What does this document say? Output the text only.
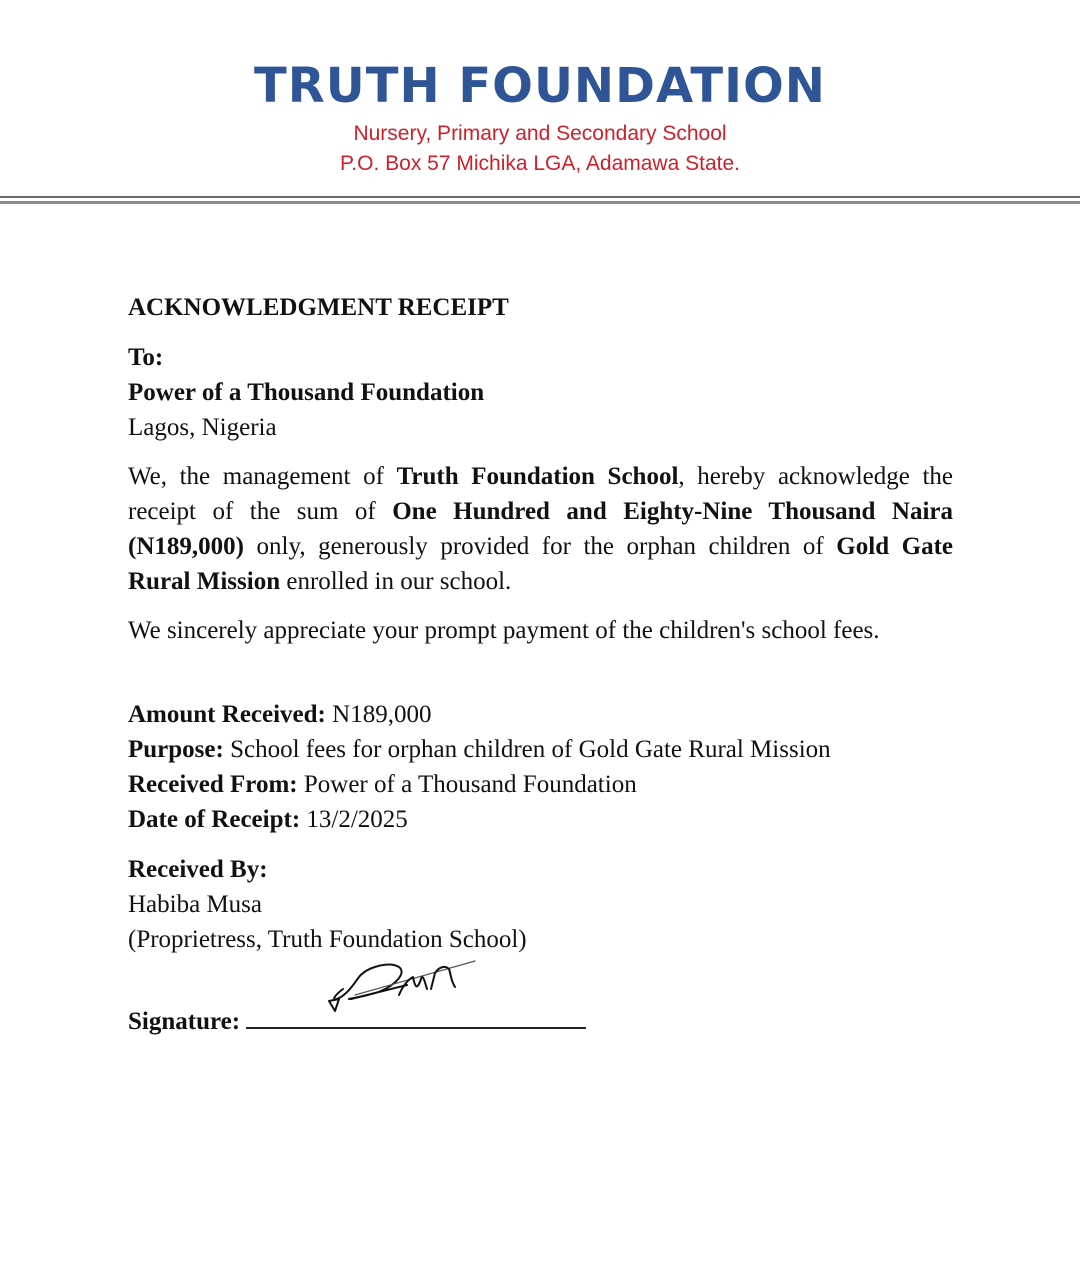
TRUTH FOUNDATION
Nursery, Primary and Secondary School
P.O. Box 57 Michika LGA, Adamawa State.
ACKNOWLEDGMENT RECEIPT
To:
Power of a Thousand Foundation
Lagos, Nigeria
We, the management of Truth Foundation School, hereby acknowledge the receipt of the sum of One Hundred and Eighty-Nine Thousand Naira (N189,000) only, generously provided for the orphan children of Gold Gate Rural Mission enrolled in our school.
We sincerely appreciate your prompt payment of the children's school fees.
Amount Received: N189,000
Purpose: School fees for orphan children of Gold Gate Rural Mission
Received From: Power of a Thousand Foundation
Date of Receipt: 13/2/2025
Received By:
Habiba Musa
(Proprietress, Truth Foundation School)
Signature:
